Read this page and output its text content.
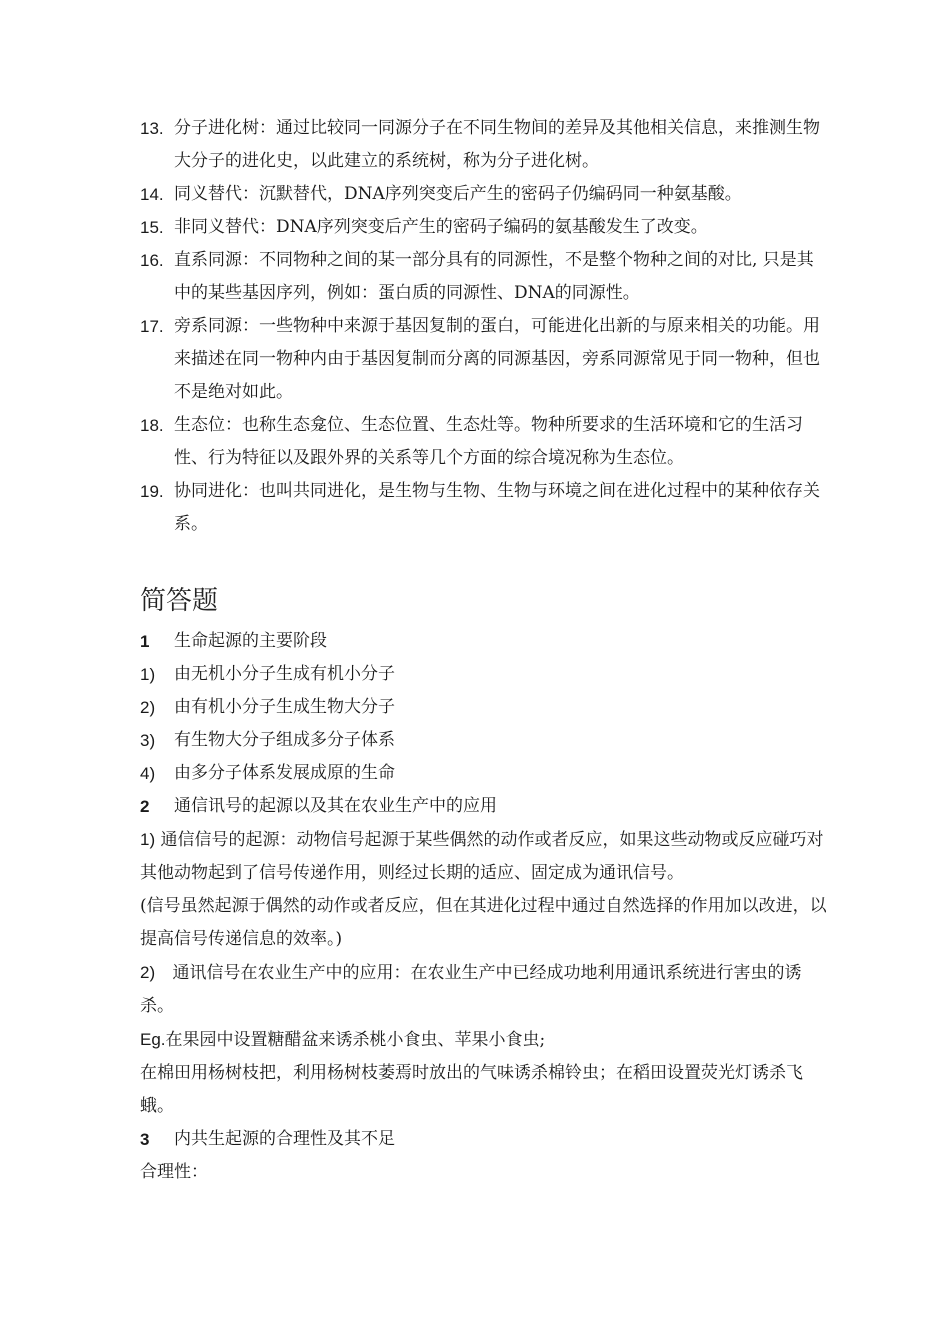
13. 分子进化树：通过比较同一同源分子在不同生物间的差异及其他相关信息，来推测生物大分子的进化史，以此建立的系统树，称为分子进化树。
14. 同义替代：沉默替代，DNA序列突变后产生的密码子仍编码同一种氨基酸。
15. 非同义替代：DNA序列突变后产生的密码子编码的氨基酸发生了改变。
16. 直系同源：不同物种之间的某一部分具有的同源性，不是整个物种之间的对比, 只是其中的某些基因序列，例如：蛋白质的同源性、DNA的同源性。
17. 旁系同源：一些物种中来源于基因复制的蛋白，可能进化出新的与原来相关的功能。用来描述在同一物种内由于基因复制而分离的同源基因，旁系同源常见于同一物种，但也不是绝对如此。
18. 生态位：也称生态龛位、生态位置、生态灶等。物种所要求的生活环境和它的生活习性、行为特征以及跟外界的关系等几个方面的综合境况称为生态位。
19. 协同进化：也叫共同进化，是生物与生物、生物与环境之间在进化过程中的某种依存关系。
简答题
1	生命起源的主要阶段
1)	由无机小分子生成有机小分子
2)	由有机小分子生成生物大分子
3)	有生物大分子组成多分子体系
4)	由多分子体系发展成原的生命
2	通信讯号的起源以及其在农业生产中的应用
1) 通信信号的起源：动物信号起源于某些偶然的动作或者反应，如果这些动物或反应碰巧对其他动物起到了信号传递作用，则经过长期的适应、固定成为通讯信号。
(信号虽然起源于偶然的动作或者反应，但在其进化过程中通过自然选择的作用加以改进，以提高信号传递信息的效率。)
2) 通讯信号在农业生产中的应用：在农业生产中已经成功地利用通讯系统进行害虫的诱杀。
Eg.在果园中设置糖醋盆来诱杀桃小食虫、苹果小食虫;
在棉田用杨树枝把，利用杨树枝萎焉时放出的气味诱杀棉铃虫；在稻田设置荧光灯诱杀飞蛾。
3	内共生起源的合理性及其不足
合理性：
